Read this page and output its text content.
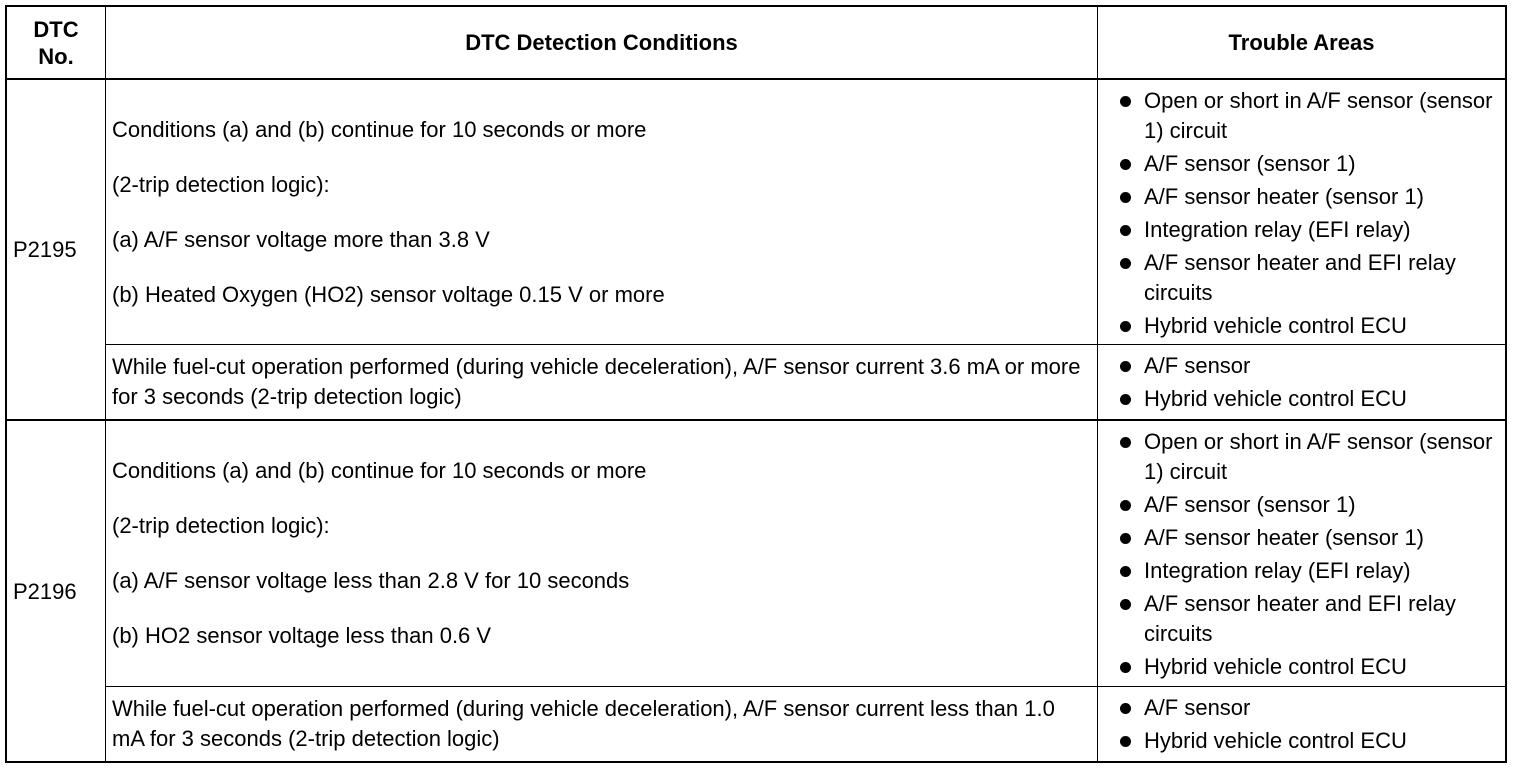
DTC No.
DTC Detection Conditions	Trouble Areas
P2195

Conditions (a) and (b) continue for 10 seconds or more

(2-trip detection logic):

(a) A/F sensor voltage more than 3.8 V

(b) Heated Oxygen (HO2) sensor voltage 0.15 V or more

Open or short in A/F sensor (sensor 1) circuit
A/F sensor (sensor 1)
A/F sensor heater (sensor 1)
Integration relay (EFI relay)
A/F sensor heater and EFI relay circuits
Hybrid vehicle control ECU
While fuel-cut operation performed (during vehicle deceleration), A/F sensor current 3.6 mA or more for 3 seconds (2-trip detection logic)
A/F sensor
Hybrid vehicle control ECU
P2196

Conditions (a) and (b) continue for 10 seconds or more

(2-trip detection logic):

(a) A/F sensor voltage less than 2.8 V for 10 seconds

(b) HO2 sensor voltage less than 0.6 V

Open or short in A/F sensor (sensor 1) circuit
A/F sensor (sensor 1)
A/F sensor heater (sensor 1)
Integration relay (EFI relay)
A/F sensor heater and EFI relay circuits
Hybrid vehicle control ECU
While fuel-cut operation performed (during vehicle deceleration), A/F sensor current less than 1.0 mA for 3 seconds (2-trip detection logic)
A/F sensor
Hybrid vehicle control ECU
